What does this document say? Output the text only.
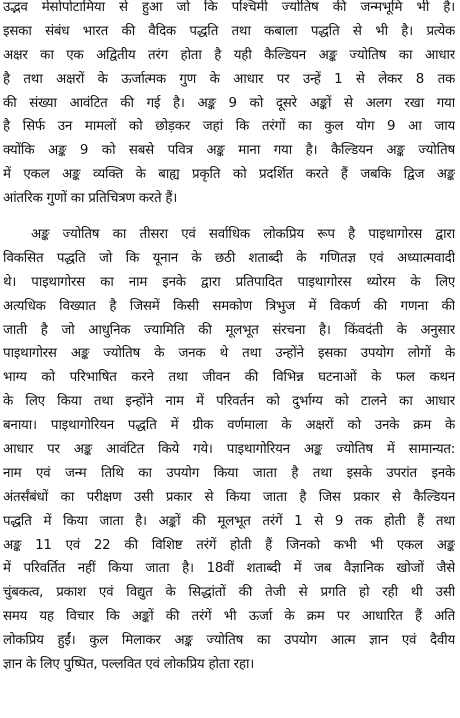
उद्भव मेसोपोटामिया से हुआ जो कि पश्चिमी ज्योतिष की जन्मभूमि भी है।
इसका संबंध भारत की वैदिक पद्धति तथा कबाला पद्धति से भी है। प्रत्येक
अक्षर का एक अद्वितीय तरंग होता है यही कैल्डियन अङ्क ज्योतिष का आधार
है तथा अक्षरों के ऊर्जात्मक गुण के आधार पर उन्हें 1 से लेकर 8 तक
की संख्या आवंटित की गई है। अङ्क 9 को दूसरे अङ्कों से अलग रखा गया
है सिर्फ उन मामलों को छोड़कर जहां कि तरंगों का कुल योग 9 आ जाय
क्योंकि अङ्क 9 को सबसे पवित्र अङ्क माना गया है। कैल्डियन अङ्क ज्योतिष
में एकल अङ्क व्यक्ति के बाह्य प्रकृति को प्रदर्शित करते हैं जबकि द्विज अङ्क
आंतरिक गुणों का प्रतिचित्रण करते हैं।
अङ्क ज्योतिष का तीसरा एवं सर्वाधिक लोकप्रिय रूप है पाइथागोरस द्वारा
विकसित पद्धति जो कि यूनान के छठी शताब्दी के गणितज्ञ एवं अध्यात्मवादी
थे। पाइथागोरस का नाम इनके द्वारा प्रतिपादित पाइथागोरस थ्योरम के लिए
अत्यधिक विख्यात है जिसमें किसी समकोण त्रिभुज में विकर्ण की गणना की
जाती है जो आधुनिक ज्यामिति की मूलभूत संरचना है। किंवदंती के अनुसार
पाइथागोरस अङ्क ज्योतिष के जनक थे तथा उन्होंने इसका उपयोग लोगों के
भाग्य को परिभाषित करने तथा जीवन की विभिन्न घटनाओं के फल कथन
के लिए किया तथा इन्होंने नाम में परिवर्तन को दुर्भाग्य को टालने का आधार
बनाया। पाइथागोरियन पद्धति में ग्रीक वर्णमाला के अक्षरों को उनके क्रम के
आधार पर अङ्क आवंटित किये गये। पाइथागोरियन अङ्क ज्योतिष में सामान्यत:
नाम एवं जन्म तिथि का उपयोग किया जाता है तथा इसके उपरांत इनके
अंतर्संबंधों का परीक्षण उसी प्रकार से किया जाता है जिस प्रकार से कैल्डियन
पद्धति में किया जाता है। अङ्कों की मूलभूत तरंगें 1 से 9 तक होती हैं तथा
अङ्क 11 एवं 22 की विशिष्ट तरंगें होती हैं जिनको कभी भी एकल अङ्क
में परिवर्तित नहीं किया जाता है। 18वीं शताब्दी में जब वैज्ञानिक खोजों जैसे
चुंबकत्व, प्रकाश एवं विद्युत के सिद्धांतों की तेजी से प्रगति हो रही थी उसी
समय यह विचार कि अङ्कों की तरंगें भी ऊर्जा के क्रम पर आधारित हैं अति
लोकप्रिय हुईं। कुल मिलाकर अङ्क ज्योतिष का उपयोग आत्म ज्ञान एवं दैवीय
ज्ञान के लिए पुष्पित, पल्लवित एवं लोकप्रिय होता रहा।
